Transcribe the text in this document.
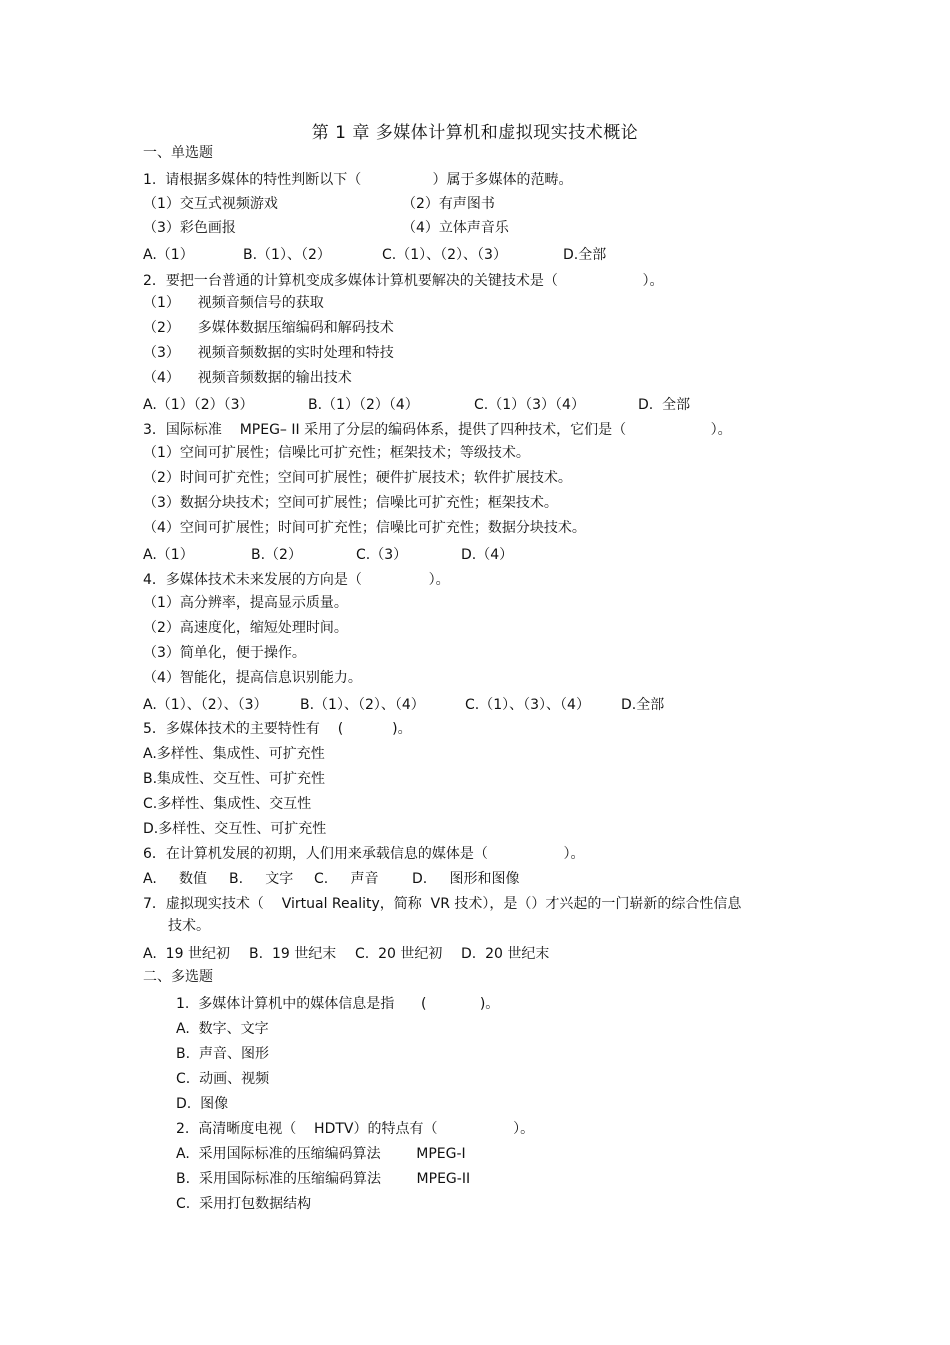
第 1 章 多媒体计算机和虚拟现实技术概论
一、单选题
1.  请根据多媒体的特性判断以下（                ）属于多媒体的范畴。
（1）交互式视频游戏	（2）有声图书
（3）彩色画报	（4）立体声音乐
A.（1）	B.（1）、（2）	C.（1）、（2）、（3）	D.全部
2．要把一台普通的计算机变成多媒体计算机要解决的关键技术是（                   ）。
（1）    视频音频信号的获取
（2）    多媒体数据压缩编码和解码技术
（3）    视频音频数据的实时处理和特技
（4）    视频音频数据的输出技术
A.（1）（2）（3）	B.（1）（2）（4）	C.（1）（3）（4）	D.  全部
3．国际标准    MPEG– II 采用了分层的编码体系，提供了四种技术，它们是（                   ）。
（1）空间可扩展性；信噪比可扩充性；框架技术；等级技术。
（2）时间可扩充性；空间可扩展性；硬件扩展技术；软件扩展技术。
（3）数据分块技术；空间可扩展性；信噪比可扩充性；框架技术。
（4）空间可扩展性；时间可扩充性；信噪比可扩充性；数据分块技术。
A.（1）	B.（2）	C.（3）	D.（4）
4．多媒体技术未来发展的方向是（               ）。
（1）高分辨率，提高显示质量。
（2）高速度化，缩短处理时间。
（3）简单化，便于操作。
（4）智能化，提高信息识别能力。
A.（1）、（2）、（3） B.（1）、（2）、（4）	C.（1）、（3）、（4） D.全部
5．多媒体技术的主要特性有    (           )。
A.多样性、集成性、可扩充性
B.集成性、交互性、可扩充性
C.多样性、集成性、交互性
D.多样性、交互性、可扩充性
6．在计算机发展的初期，人们用来承载信息的媒体是（                 ）。
A.     数值 B.     文字 C.     声音 D.     图形和图像
7．虚拟现实技术（    Virtual Reality，简称  VR 技术），是（）才兴起的一门崭新的综合性信息
技术。
A.  19 世纪初 B.  19 世纪末 C.  20 世纪初 D.  20 世纪末
二、多选题
1.  多媒体计算机中的媒体信息是指      (            )。
A.  数字、文字
B.  声音、图形
C.  动画、视频
D.  图像
2.  高清晰度电视（    HDTV）的特点有（                 ）。
A.  采用国际标准的压缩编码算法        MPEG-I
B.  采用国际标准的压缩编码算法        MPEG-II
C.  采用打包数据结构
